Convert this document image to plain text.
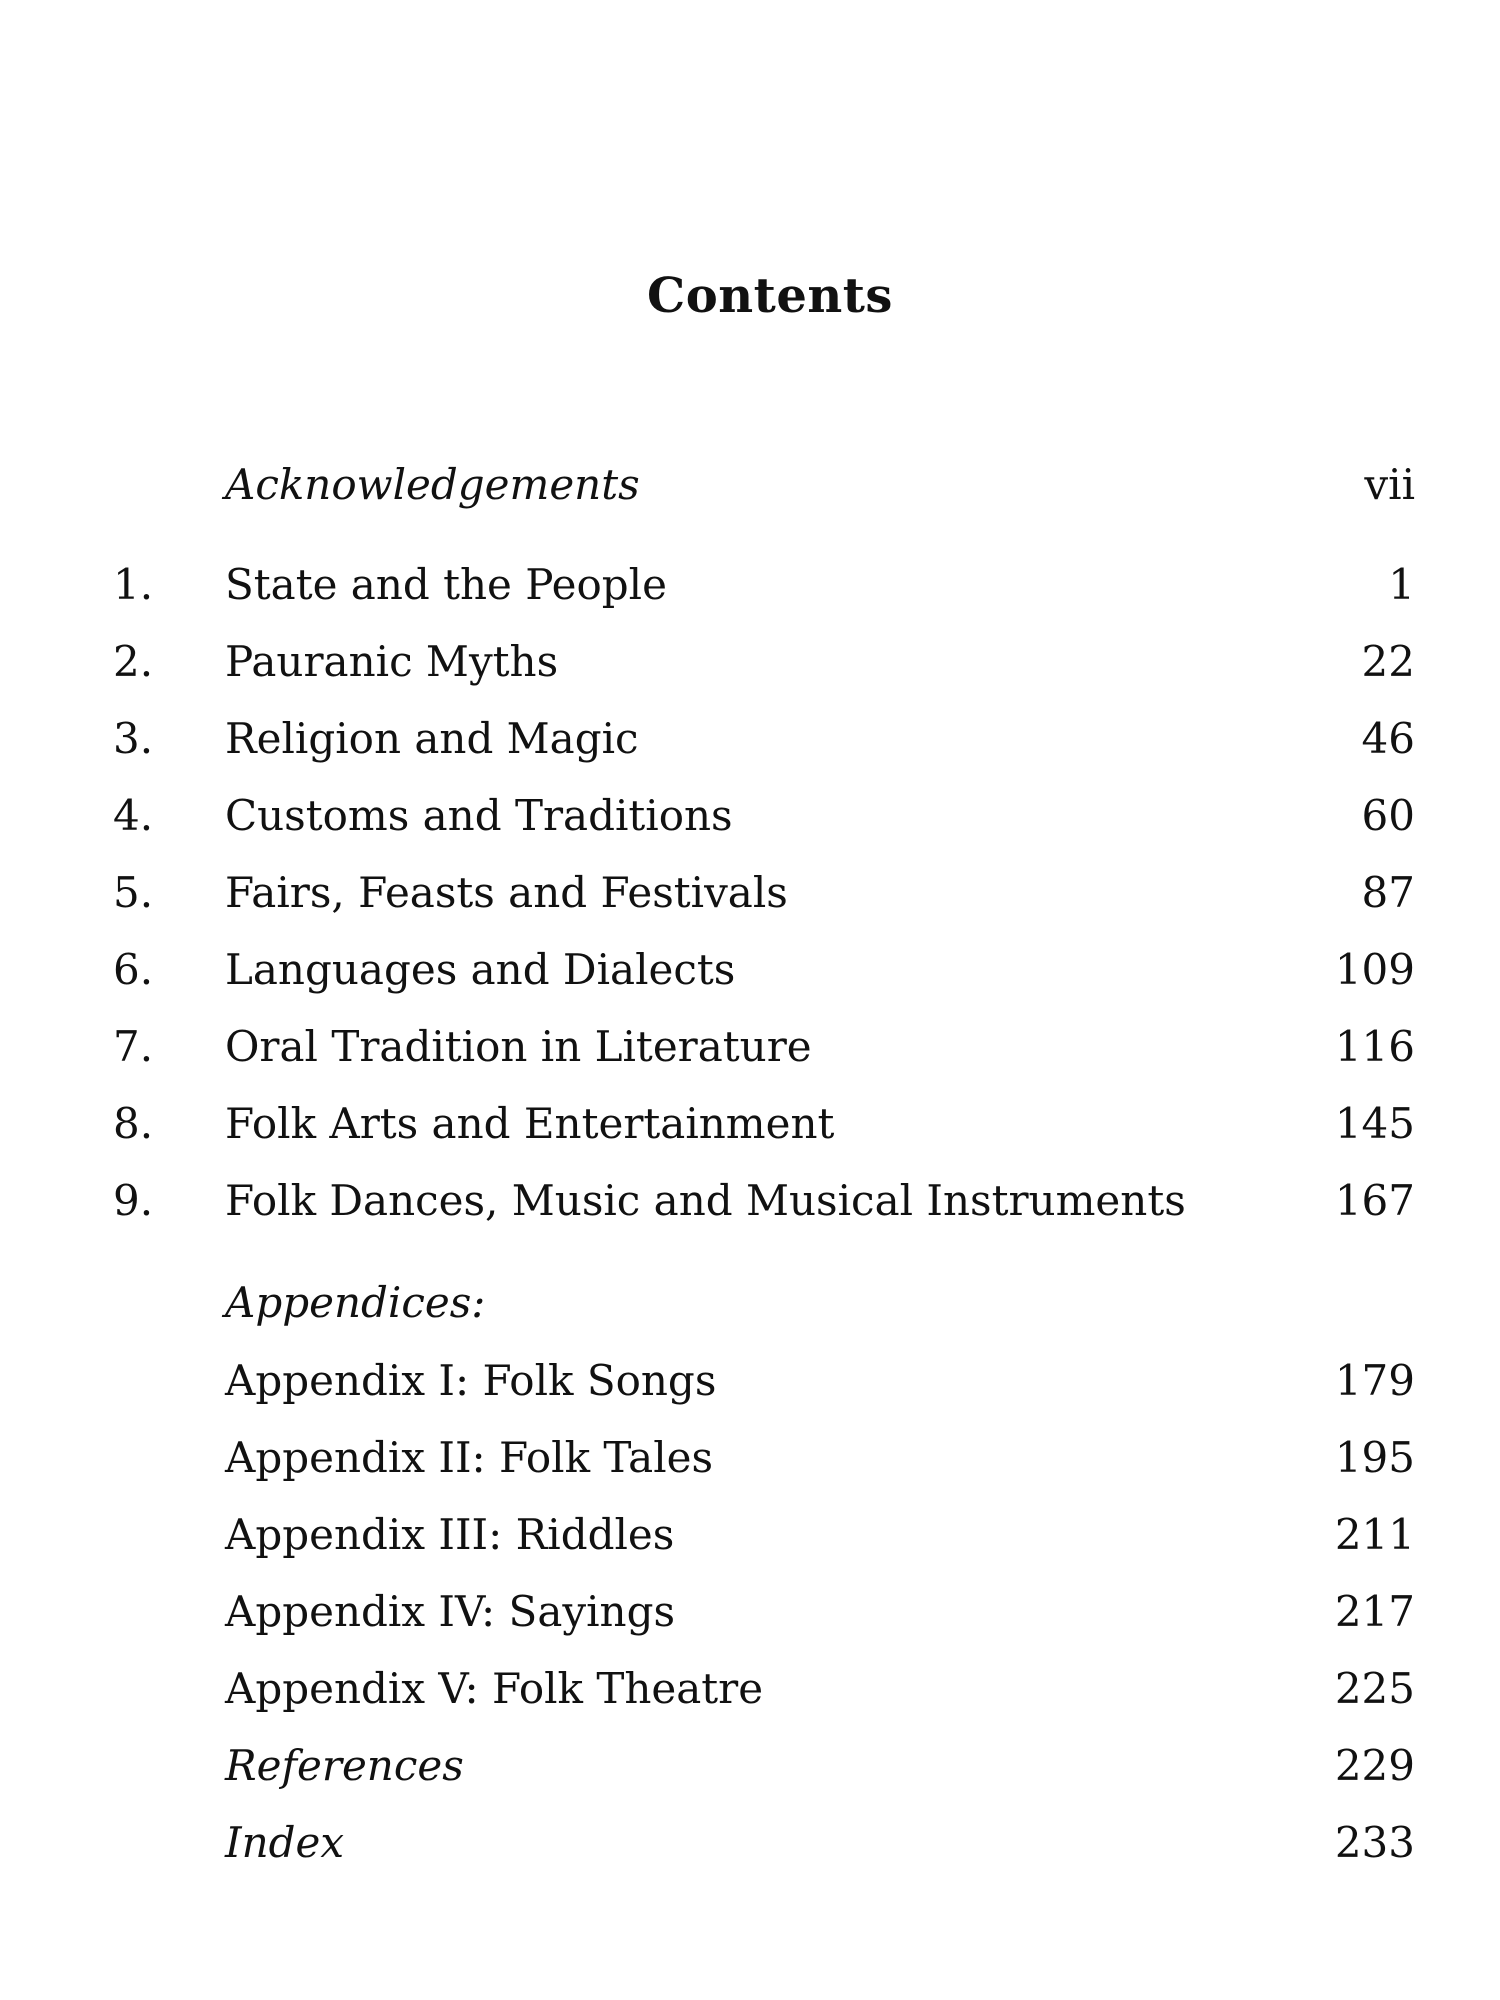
Contents
Acknowledgements	vii
1.	State and the People	1
2.	Pauranic Myths	22
3.	Religion and Magic	46
4.	Customs and Traditions	60
5.	Fairs, Feasts and Festivals	87
6.	Languages and Dialects	109
7.	Oral Tradition in Literature	116
8.	Folk Arts and Entertainment	145
9.	Folk Dances, Music and Musical Instruments	167
Appendices:
Appendix I: Folk Songs	179
Appendix II: Folk Tales	195
Appendix III: Riddles	211
Appendix IV: Sayings	217
Appendix V: Folk Theatre	225
References	229
Index	233
